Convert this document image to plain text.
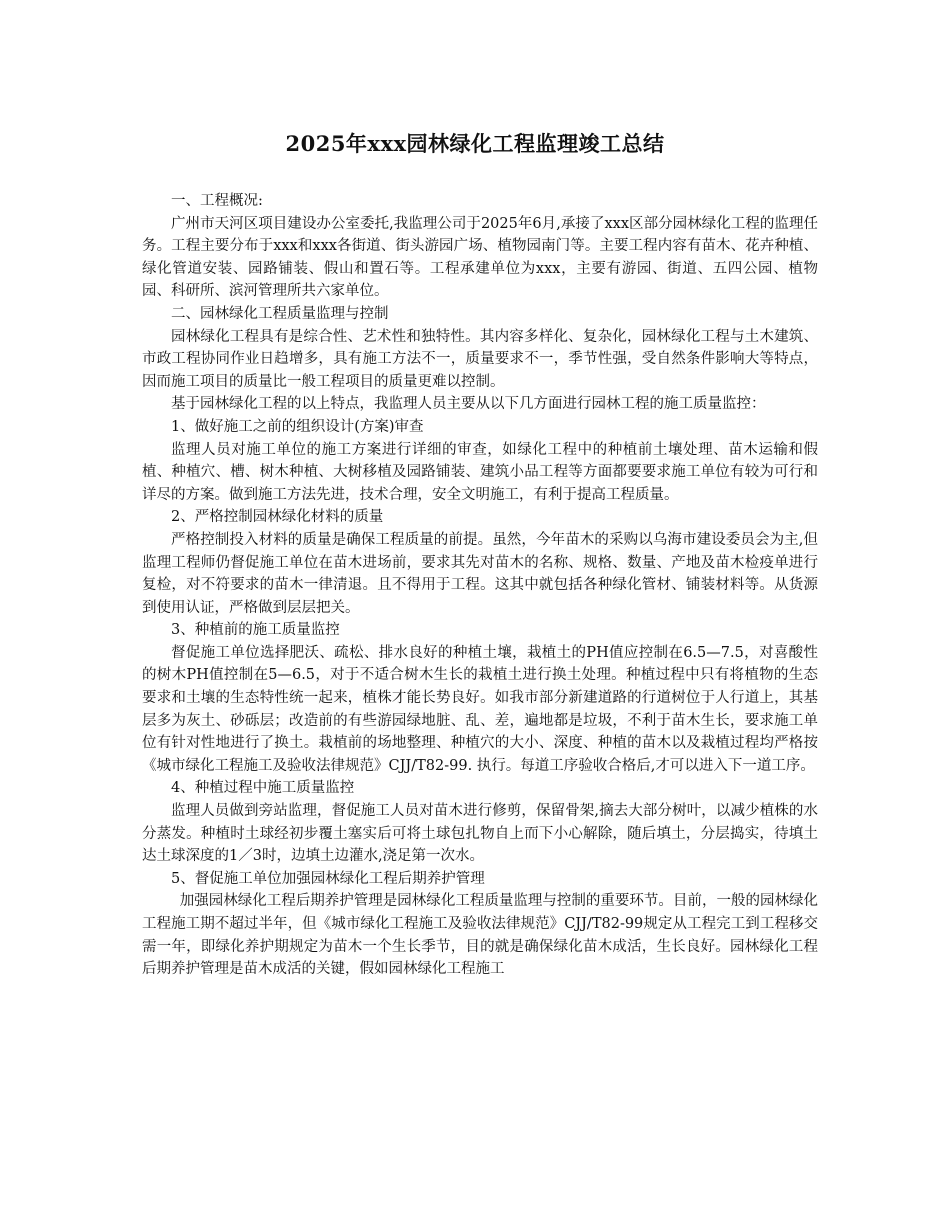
2025年xxx园林绿化工程监理竣工总结

一、工程概况:

广州市天河区项目建设办公室委托,我监理公司于2025年6月,承接了xxx区部分园林绿化工程的监理任务。工程主要分布于xxx和xxx各街道、街头游园广场、植物园南门等。主要工程内容有苗木、花卉种植、绿化管道安装、园路铺装、假山和置石等。工程承建单位为xxx，主要有游园、街道、五四公园、植物园、科研所、滨河管理所共六家单位。

二、园林绿化工程质量监理与控制

园林绿化工程具有是综合性、艺术性和独特性。其内容多样化、复杂化，园林绿化工程与土木建筑、市政工程协同作业日趋增多，具有施工方法不一，质量要求不一，季节性强，受自然条件影响大等特点，因而施工项目的质量比一般工程项目的质量更难以控制。

基于园林绿化工程的以上特点，我监理人员主要从以下几方面进行园林工程的施工质量监控：

1、做好施工之前的组织设计(方案)审查

监理人员对施工单位的施工方案进行详细的审查，如绿化工程中的种植前土壤处理、苗木运输和假植、种植穴、槽、树木种植、大树移植及园路铺装、建筑小品工程等方面都要要求施工单位有较为可行和详尽的方案。做到施工方法先进，技术合理，安全文明施工，有利于提高工程质量。

2、严格控制园林绿化材料的质量

严格控制投入材料的质量是确保工程质量的前提。虽然，今年苗木的采购以乌海市建设委员会为主,但监理工程师仍督促施工单位在苗木进场前，要求其先对苗木的名称、规格、数量、产地及苗木检疫单进行复检，对不符要求的苗木一律清退。且不得用于工程。这其中就包括各种绿化管材、铺装材料等。从货源到使用认证，严格做到层层把关。

3、种植前的施工质量监控

督促施工单位选择肥沃、疏松、排水良好的种植土壤，栽植土的PH值应控制在6.5—7.5，对喜酸性的树木PH值控制在5—6.5，对于不适合树木生长的栽植土进行换土处理。种植过程中只有将植物的生态要求和土壤的生态特性统一起来，植株才能长势良好。如我市部分新建道路的行道树位于人行道上，其基层多为灰土、砂砾层；改造前的有些游园绿地脏、乱、差，遍地都是垃圾，不利于苗木生长，要求施工单位有针对性地进行了换土。栽植前的场地整理、种植穴的大小、深度、种植的苗木以及栽植过程均严格按《城市绿化工程施工及验收法律规范》CJJ/T82-99. 执行。每道工序验收合格后,才可以进入下一道工序。

4、种植过程中施工质量监控

监理人员做到旁站监理，督促施工人员对苗木进行修剪，保留骨架,摘去大部分树叶，以减少植株的水分蒸发。种植时土球经初步覆土塞实后可将土球包扎物自上而下小心解除，随后填土，分层捣实，待填土达土球深度的1／3时，边填土边灌水,浇足第一次水。

5、督促施工单位加强园林绿化工程后期养护管理

加强园林绿化工程后期养护管理是园林绿化工程质量监理与控制的重要环节。目前，一般的园林绿化工程施工期不超过半年，但《城市绿化工程施工及验收法律规范》CJJ/T82-99规定从工程完工到工程移交需一年，即绿化养护期规定为苗木一个生长季节，目的就是确保绿化苗木成活，生长良好。园林绿化工程后期养护管理是苗木成活的关键，假如园林绿化工程施工
